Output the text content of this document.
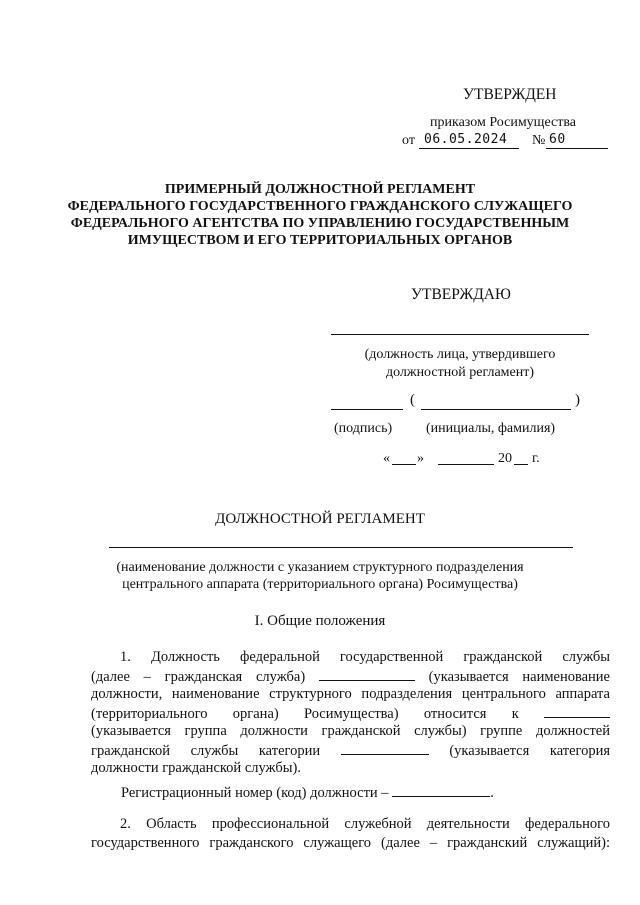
УТВЕРЖДЕН
приказом Росимущества
от 06.05.2024 № 60
ПРИМЕРНЫЙ ДОЛЖНОСТНОЙ РЕГЛАМЕНТ
ФЕДЕРАЛЬНОГО ГОСУДАРСТВЕННОГО ГРАЖДАНСКОГО СЛУЖАЩЕГО
ФЕДЕРАЛЬНОГО АГЕНТСТВА ПО УПРАВЛЕНИЮ ГОСУДАРСТВЕННЫМ
ИМУЩЕСТВОМ И ЕГО ТЕРРИТОРИАЛЬНЫХ ОРГАНОВ
УТВЕРЖДАЮ
(должность лица, утвердившего
должностной регламент)
(	)
(подпись) (инициалы, фамилия)
« »	20 г.
ДОЛЖНОСТНОЙ РЕГЛАМЕНТ
(наименование должности с указанием структурного подразделения
центрального аппарата (территориального органа) Росимущества)
I. Общие положения
1. Должность федеральной государственной гражданской службы
(далее – гражданская служба)	(указывается наименование
должности, наименование структурного подразделения центрального аппарата
(территориального органа) Росимущества) относится к
(указывается группа должности гражданской службы) группе должностей
гражданской службы категории	(указывается категория
должности гражданской службы).
Регистрационный номер (код) должности –	.
2. Область профессиональной служебной деятельности федерального
государственного гражданского служащего (далее – гражданский служащий):
